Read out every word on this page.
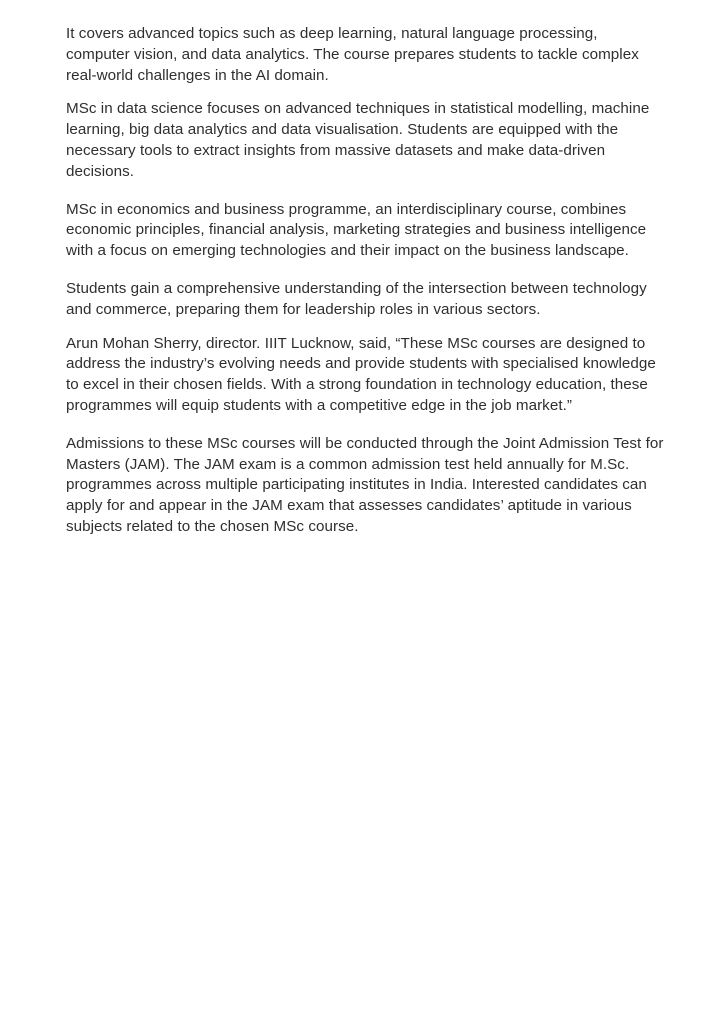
It covers advanced topics such as deep learning, natural language processing, computer vision, and data analytics. The course prepares students to tackle complex real-world challenges in the AI domain.

MSc in data science focuses on advanced techniques in statistical modelling, machine learning, big data analytics and data visualisation. Students are equipped with the necessary tools to extract insights from massive datasets and make data-driven decisions.

MSc in economics and business programme, an interdisciplinary course, combines economic principles, financial analysis, marketing strategies and business intelligence with a focus on emerging technologies and their impact on the business landscape.

Students gain a comprehensive understanding of the intersection between technology and commerce, preparing them for leadership roles in various sectors.

Arun Mohan Sherry, director. IIIT Lucknow, said, “These MSc courses are designed to address the industry’s evolving needs and provide students with specialised knowledge to excel in their chosen fields. With a strong foundation in technology education, these programmes will equip students with a competitive edge in the job market.”

Admissions to these MSc courses will be conducted through the Joint Admission Test for Masters (JAM). The JAM exam is a common admission test held annually for M.Sc. programmes across multiple participating institutes in India. Interested candidates can apply for and appear in the JAM exam that assesses candidates’ aptitude in various subjects related to the chosen MSc course.
